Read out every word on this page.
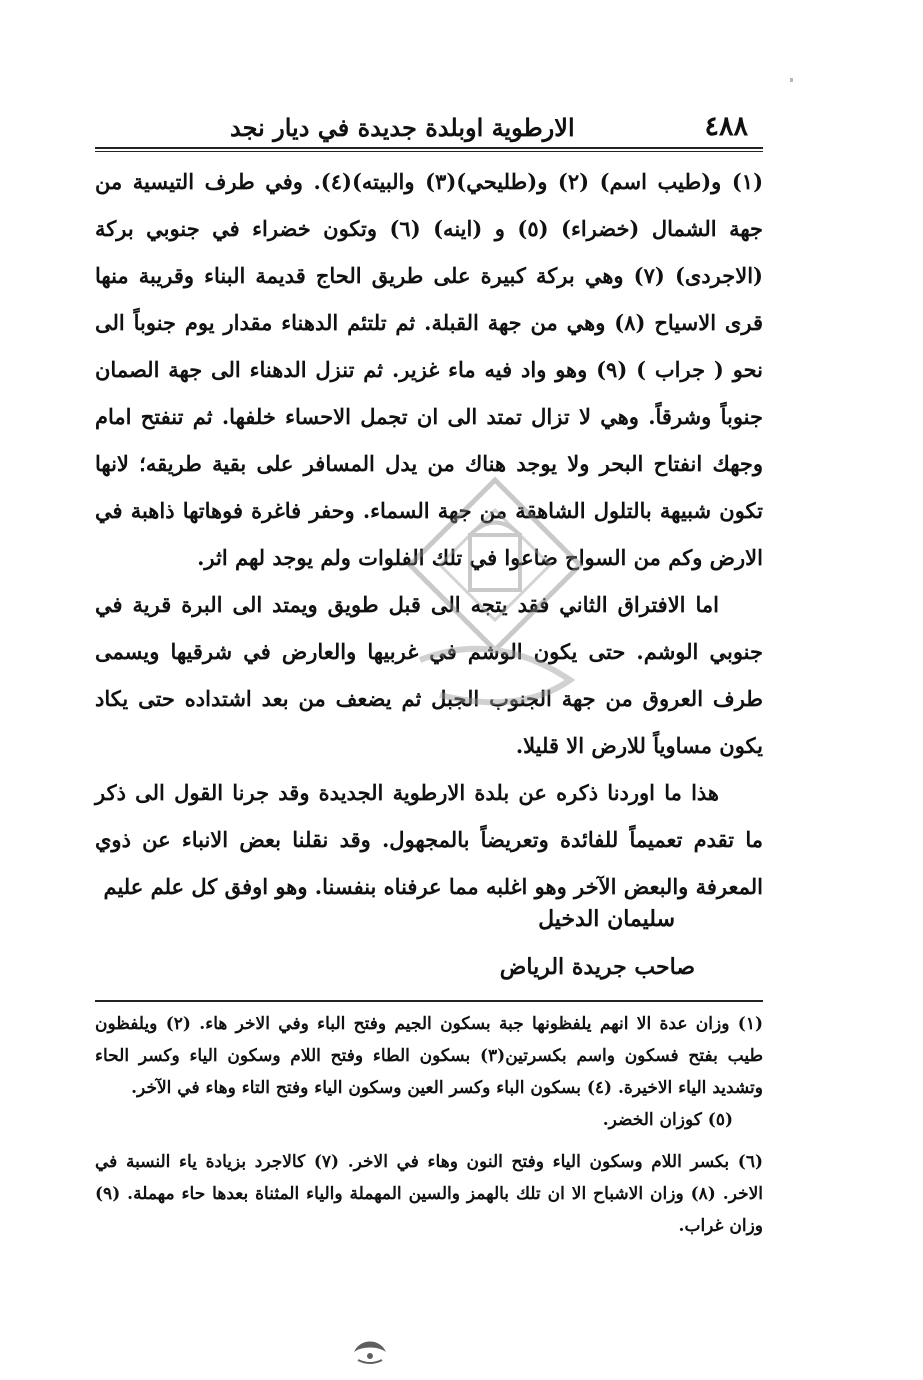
٤٨٨
الارطوية اوبلدة جديدة في ديار نجد

(١) و(طيب اسم) (٢) و(طليحي)(٣) والبيته)(٤). وفي طرف التيسية من جهة الشمال (خضراء) (٥) و (اينه) (٦) وتكون خضراء في جنوبي بركة (الاجردى) (٧) وهي بركة كبيرة على طريق الحاج قديمة البناء وقريبة منها قرى الاسياح (٨) وهي من جهة القبلة. ثم تلتئم الدهناء مقدار يوم جنوباً الى نحو ( جراب ) (٩) وهو واد فيه ماء غزير. ثم تنزل الدهناء الى جهة الصمان جنوباً وشرقاً. وهي لا تزال تمتد الى ان تجمل الاحساء خلفها. ثم تنفتح امام وجهك انفتاح البحر ولا يوجد هناك من يدل المسافر على بقية طريقه؛ لانها تكون شبيهة بالتلول الشاهقة من جهة السماء. وحفر فاغرة فوهاتها ذاهبة في الارض وكم من السواح ضاعوا في تلك الفلوات ولم يوجد لهم اثر.

اما الافتراق الثاني فقد يتجه الى قبل طويق ويمتد الى البرة قرية في جنوبي الوشم. حتى يكون الوشم في غربيها والعارض في شرقيها ويسمى طرف العروق من جهة الجنوب الجبل ثم يضعف من بعد اشتداده حتى يكاد يكون مساوياً للارض الا قليلا.

هذا ما اوردنا ذكره عن بلدة الارطوية الجديدة وقد جرنا القول الى ذكر ما تقدم تعميماً للفائدة وتعريضاً بالمجهول. وقد نقلنا بعض الانباء عن ذوي المعرفة والبعض الآخر وهو اغلبه مما عرفناه بنفسنا. وهو اوفق كل علم عليم

سليمان الدخيل
صاحب جريدة الرياض

(١) وزان عدة الا انهم يلفظونها جبة بسكون الجيم وفتح الباء وفي الاخر هاء. (٢) ويلفظون طيب بفتح فسكون واسم بكسرتين(٣) بسكون الطاء وفتح اللام وسكون الياء وكسر الحاء وتشديد الياء الاخيرة. (٤) بسكون الباء وكسر العين وسكون الياء وفتح التاء وهاء في الآخر.

(٥) كوزان الخضر.

(٦) بكسر اللام وسكون الياء وفتح النون وهاء في الاخر. (٧) كالاجرد بزيادة ياء النسبة في الاخر. (٨) وزان الاشباح الا ان تلك بالهمز والسين المهملة والياء المثناة بعدها حاء مهملة. (٩) وزان غراب.
